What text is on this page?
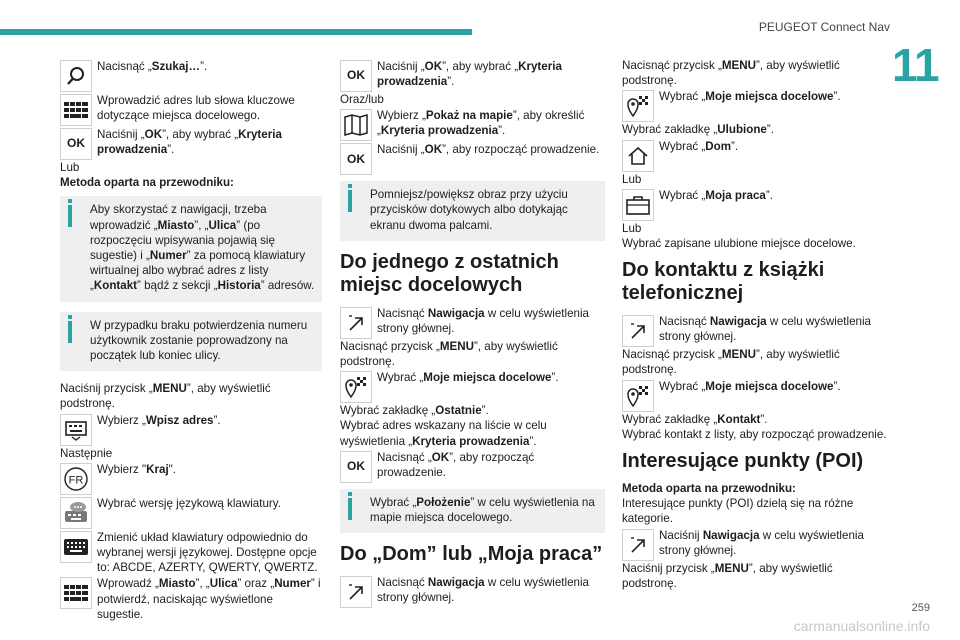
PEUGEOT Connect Nav
11
Nacisnąć „Szukaj…”.
Wprowadzić adres lub słowa kluczowe dotyczące miejsca docelowego.
OK
Naciśnij „OK”, aby wybrać „Kryteria prowadzenia”.

Lub

Metoda oparta na przewodniku:

Aby skorzystać z nawigacji, trzeba wprowadzić „Miasto”, „Ulica” (po rozpoczęciu wpisywania pojawią się sugestie) i „Numer” za pomocą klawiatury wirtualnej albo wybrać adres z listy „Kontakt” bądź z sekcji „Historia” adresów.
W przypadku braku potwierdzenia numeru użytkownik zostanie poprowadzony na początek lub koniec ulicy.

Naciśnij przycisk „MENU”, aby wyświetlić podstronę.

Wybierz „Wpisz adres”.

Następnie

FR
Wybierz "Kraj".
Wybrać wersję językową klawiatury.
Zmienić układ klawiatury odpowiednio do wybranej wersji językowej. Dostępne opcje to: ABCDE, AZERTY, QWERTY, QWERTZ.
Wprowadź „Miasto”, „Ulica” oraz „Numer” i potwierdź, naciskając wyświetlone sugestie.
OK
Naciśnij „OK”, aby wybrać „Kryteria prowadzenia”.

Oraz/lub

Wybierz „Pokaż na mapie”, aby określić „Kryteria prowadzenia”.
OK
Naciśnij „OK”, aby rozpocząć prowadzenie.
Pomniejsz/powiększ obraz przy użyciu przycisków dotykowych albo dotykając ekranu dwoma palcami.
Do jednego z ostatnich miejsc docelowych
Nacisnąć Nawigacja w celu wyświetlenia strony głównej.

Nacisnąć przycisk „MENU”, aby wyświetlić podstronę.

Wybrać „Moje miejsca docelowe”.

Wybrać zakładkę „Ostatnie”.

Wybrać adres wskazany na liście w celu wyświetlenia „Kryteria prowadzenia”.

OK
Nacisnąć „OK”, aby rozpocząć prowadzenie.
Wybrać „Położenie” w celu wyświetlenia na mapie miejsca docelowego.
Do „Dom” lub „Moja praca”
Nacisnąć Nawigacja w celu wyświetlenia strony głównej.

Nacisnąć przycisk „MENU”, aby wyświetlić podstronę.

Wybrać „Moje miejsca docelowe”.

Wybrać zakładkę „Ulubione”.

Wybrać „Dom”.

Lub

Wybrać „Moja praca”.

Lub

Wybrać zapisane ulubione miejsce docelowe.

Do kontaktu z książki telefonicznej
Nacisnąć Nawigacja w celu wyświetlenia strony głównej.

Nacisnąć przycisk „MENU”, aby wyświetlić podstronę.

Wybrać „Moje miejsca docelowe”.

Wybrać zakładkę „Kontakt”.

Wybrać kontakt z listy, aby rozpocząć prowadzenie.

Interesujące punkty (POI)

Metoda oparta na przewodniku:

Interesujące punkty (POI) dzielą się na różne kategorie.

Naciśnij Nawigacja w celu wyświetlenia strony głównej.

Naciśnij przycisk „MENU”, aby wyświetlić podstronę.

carmanualsonline.info
259
